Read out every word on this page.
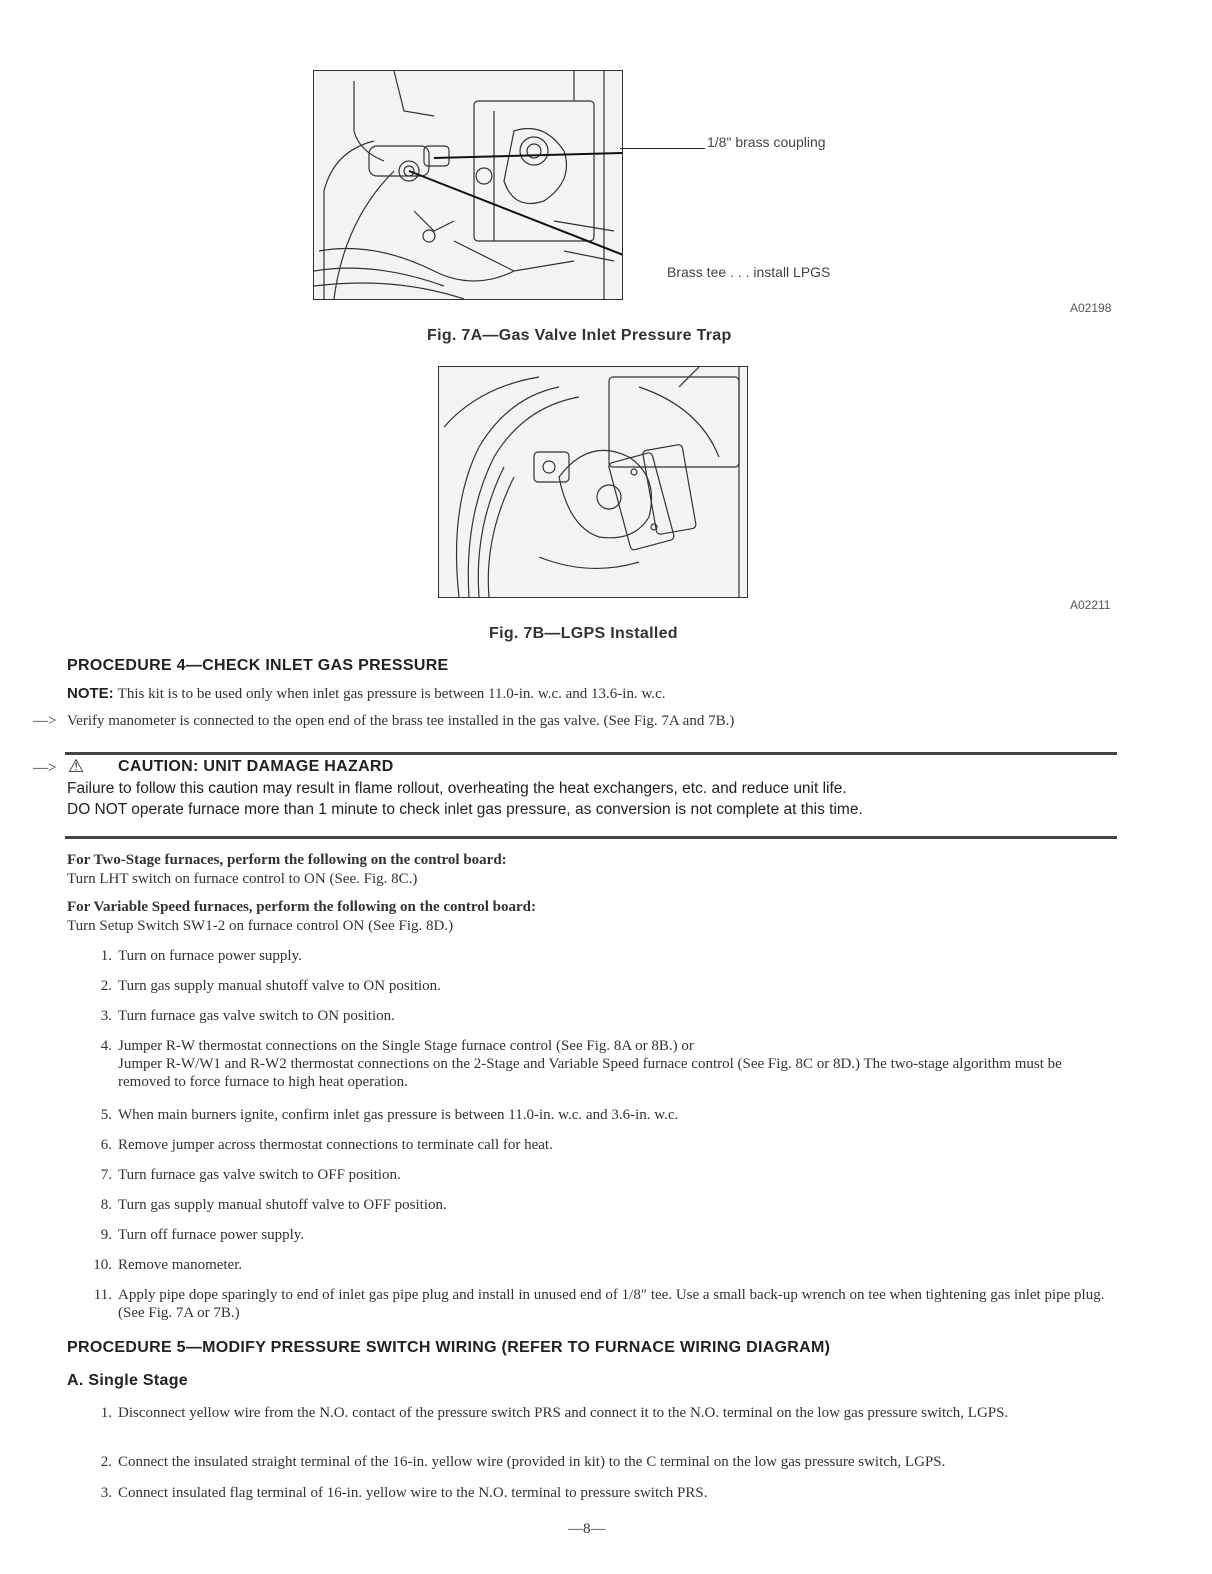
1/8" brass coupling
Brass tee . . . install LPGS
A02198
Fig. 7A—Gas Valve Inlet Pressure Trap
A02211
Fig. 7B—LGPS Installed
PROCEDURE 4—CHECK INLET GAS PRESSURE
NOTE: This kit is to be used only when inlet gas pressure is between 11.0-in. w.c. and 13.6-in. w.c.
—> Verify manometer is connected to the open end of the brass tee installed in the gas valve. (See Fig. 7A and 7B.)
—> ⚠ CAUTION: UNIT DAMAGE HAZARD
Failure to follow this caution may result in flame rollout, overheating the heat exchangers, etc. and reduce unit life.
DO NOT operate furnace more than 1 minute to check inlet gas pressure, as conversion is not complete at this time.
For Two-Stage furnaces, perform the following on the control board:
Turn LHT switch on furnace control to ON (See. Fig. 8C.)
For Variable Speed furnaces, perform the following on the control board:
Turn Setup Switch SW1-2 on furnace control ON (See Fig. 8D.)
1. Turn on furnace power supply.
2. Turn gas supply manual shutoff valve to ON position.
3. Turn furnace gas valve switch to ON position.
4. Jumper R-W thermostat connections on the Single Stage furnace control (See Fig. 8A or 8B.) or
Jumper R-W/W1 and R-W2 thermostat connections on the 2-Stage and Variable Speed furnace control (See Fig. 8C or 8D.) The two-stage algorithm must be removed to force furnace to high heat operation.
5. When main burners ignite, confirm inlet gas pressure is between 11.0-in. w.c. and 3.6-in. w.c.
6. Remove jumper across thermostat connections to terminate call for heat.
7. Turn furnace gas valve switch to OFF position.
8. Turn gas supply manual shutoff valve to OFF position.
9. Turn off furnace power supply.
10. Remove manometer.
11. Apply pipe dope sparingly to end of inlet gas pipe plug and install in unused end of 1/8″ tee. Use a small back-up wrench on tee when tightening gas inlet pipe plug. (See Fig. 7A or 7B.)
PROCEDURE 5—MODIFY PRESSURE SWITCH WIRING (REFER TO FURNACE WIRING DIAGRAM)
A. Single Stage
1. Disconnect yellow wire from the N.O. contact of the pressure switch PRS and connect it to the N.O. terminal on the low gas pressure switch, LGPS.
2. Connect the insulated straight terminal of the 16-in. yellow wire (provided in kit) to the C terminal on the low gas pressure switch, LGPS.
3. Connect insulated flag terminal of 16-in. yellow wire to the N.O. terminal to pressure switch PRS.
—8—
